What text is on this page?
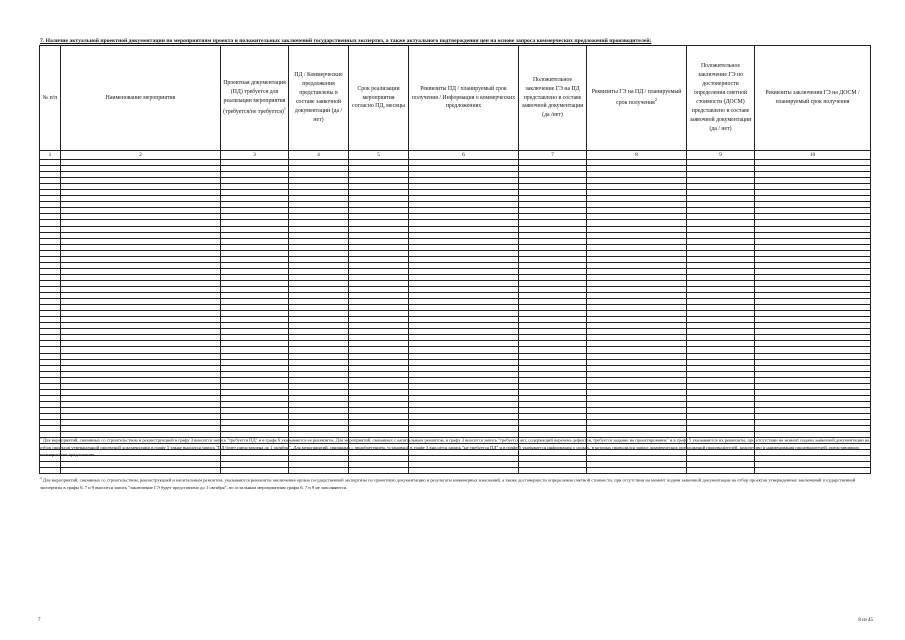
7. Наличие актуальной проектной документации по мероприятиям проекта и положительных заключений государственных экспертиз, а также актуального подтверждения цен на основе запроса коммерческих предложений производителей:
№ п/п	Наименование мероприятия	Проектная документация (ПД) требуется для реализации мероприятия (требуется/не требуется)$^1$	ПД / Коммерческие предложения представлены в составе заявочной документации (да /нет)	Срок реализации мероприятия согласно ПД, месяцы	Реквизиты ПД / планируемый срок получения / Информация о коммерческих предложениях	Положительное заключение ГЭ на ПД представлено в составе заявочной документации (да /нет)	Реквизиты ГЭ на ПД / планируемый срок получения$^2$	Положительное заключение ГЭ по достоверности определения сметной стоимости (ДОСМ) представлено в составе заявочной документации (да / нет)	Реквизиты заключения ГЭ на ДОСМ / планируемый срок получения
1	2	3	4	5	6	7	8	9	10

$^1$ Для мероприятий, связанных со строительством и реконструкцией в графу 3 вносится запись "требуется ПД" и в графе 6 указываются ее реквизиты. Для мероприятий, связанных с капитальным ремонтом, в графу 3 вносится запись "требуется акт, содержащий перечень дефектов, требуется задание на проектирование" и в графе 5 указываются их реквизиты, при отсутствии на момент подачи заявочной документации на отбор проектов утвержденной проектной документации в графу 5 также вносится запись "ПД будет представлена до 1 октября". Для мероприятий, связанных с приобретением, установкой в графе 3 вносится запись "не требуется ПД" и в графе 5 указывается информация о сроках, в которых проводился запрос коммерческих предложений производителей, количество и наименования производителей, представивших коммерческие предложения.
$^2$ Для мероприятий, связанных со строительством, реконструкцией и капитальным ремонтом, указываются реквизиты заключения органа государственной экспертизы по проектную документацию и результаты инженерных изысканий, а также достоверности определения сметной стоимости, при отсутствии на момент подачи заявочной документации на отбор проектов утвержденных заключений государственной экспертизы в графы 6, 7 и 9 вносится запись "заключение ГЭ будет представлено до 1 октября", по остальным мероприятиям графы 6, 7 и 9 не заполняются.
7	8 из 45
